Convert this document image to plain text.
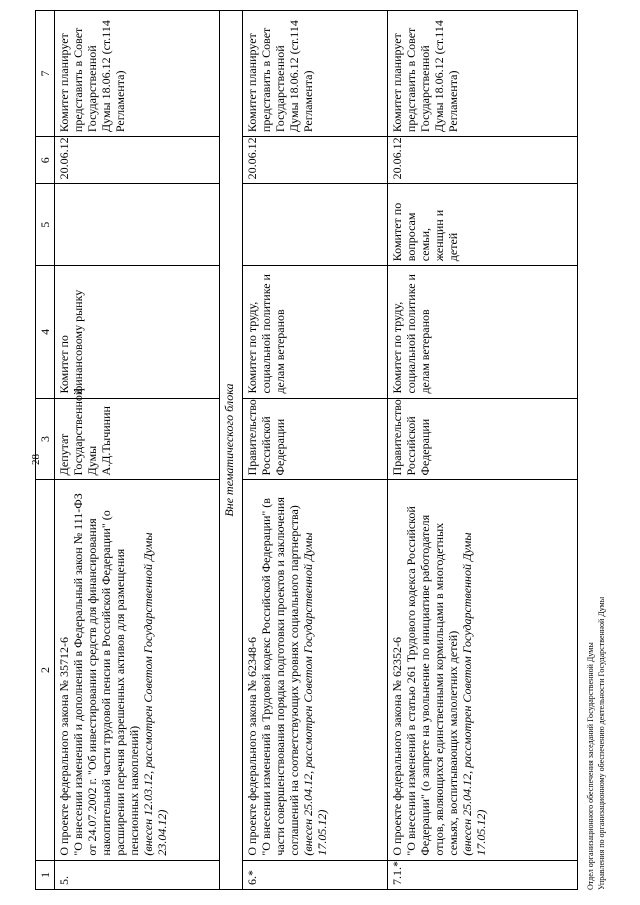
28
1	2	3	4	5	6	7
5.	О проекте федерального закона № 35712-6 "О внесении изменений и дополнений в Федеральный закон № 111-ФЗ от 24.07.2002 г. "Об инвестировании средств для финансирования накопительной части трудовой пенсии в Российской Федерации" (о расширении перечня разрешенных активов для размещения пенсионных накоплений) (внесен 12.03.12, рассмотрен Советом Государственной Думы 23.04.12)	Депутат Государственной Думы А.Д.Тычинин	Комитет по финансовому рынку		20.06.12	Комитет планирует представить в Совет Государственной Думы 18.06.12 (ст.114 Регламента)
Вне тематического блока						
6.*	О проекте федерального закона № 62348-6 "О внесении изменений в Трудовой кодекс Российской Федерации" (в части совершенствования порядка подготовки проектов и заключения соглашений на соответствующих уровнях социального партнерства) (внесен 25.04.12, рассмотрен Советом Государственной Думы 17.05.12)	Правительство Российской Федерации	Комитет по труду, социальной политике и делам ветеранов		20.06.12	Комитет планирует представить в Совет Государственной Думы 18.06.12 (ст.114 Регламента)
7.1.*	О проекте федерального закона № 62352-6 "О внесении изменений в статью 261 Трудового кодекса Российской Федерации" (о запрете на увольнение по инициативе работодателя отцов, являющихся единственными кормильцами в многодетных семьях, воспитывающих малолетних детей) (внесен 25.04.12, рассмотрен Советом Государственной Думы 17.05.12)	Правительство Российской Федерации	Комитет по труду, социальной политике и делам ветеранов	Комитет по вопросам семьи, женщин и детей	20.06.12	Комитет планирует представить в Совет Государственной Думы 18.06.12 (ст.114 Регламента)
Отдел организационного обеспечения заседаний Государственной Думы Управления по организационному обеспечению деятельности Государственной Думы
